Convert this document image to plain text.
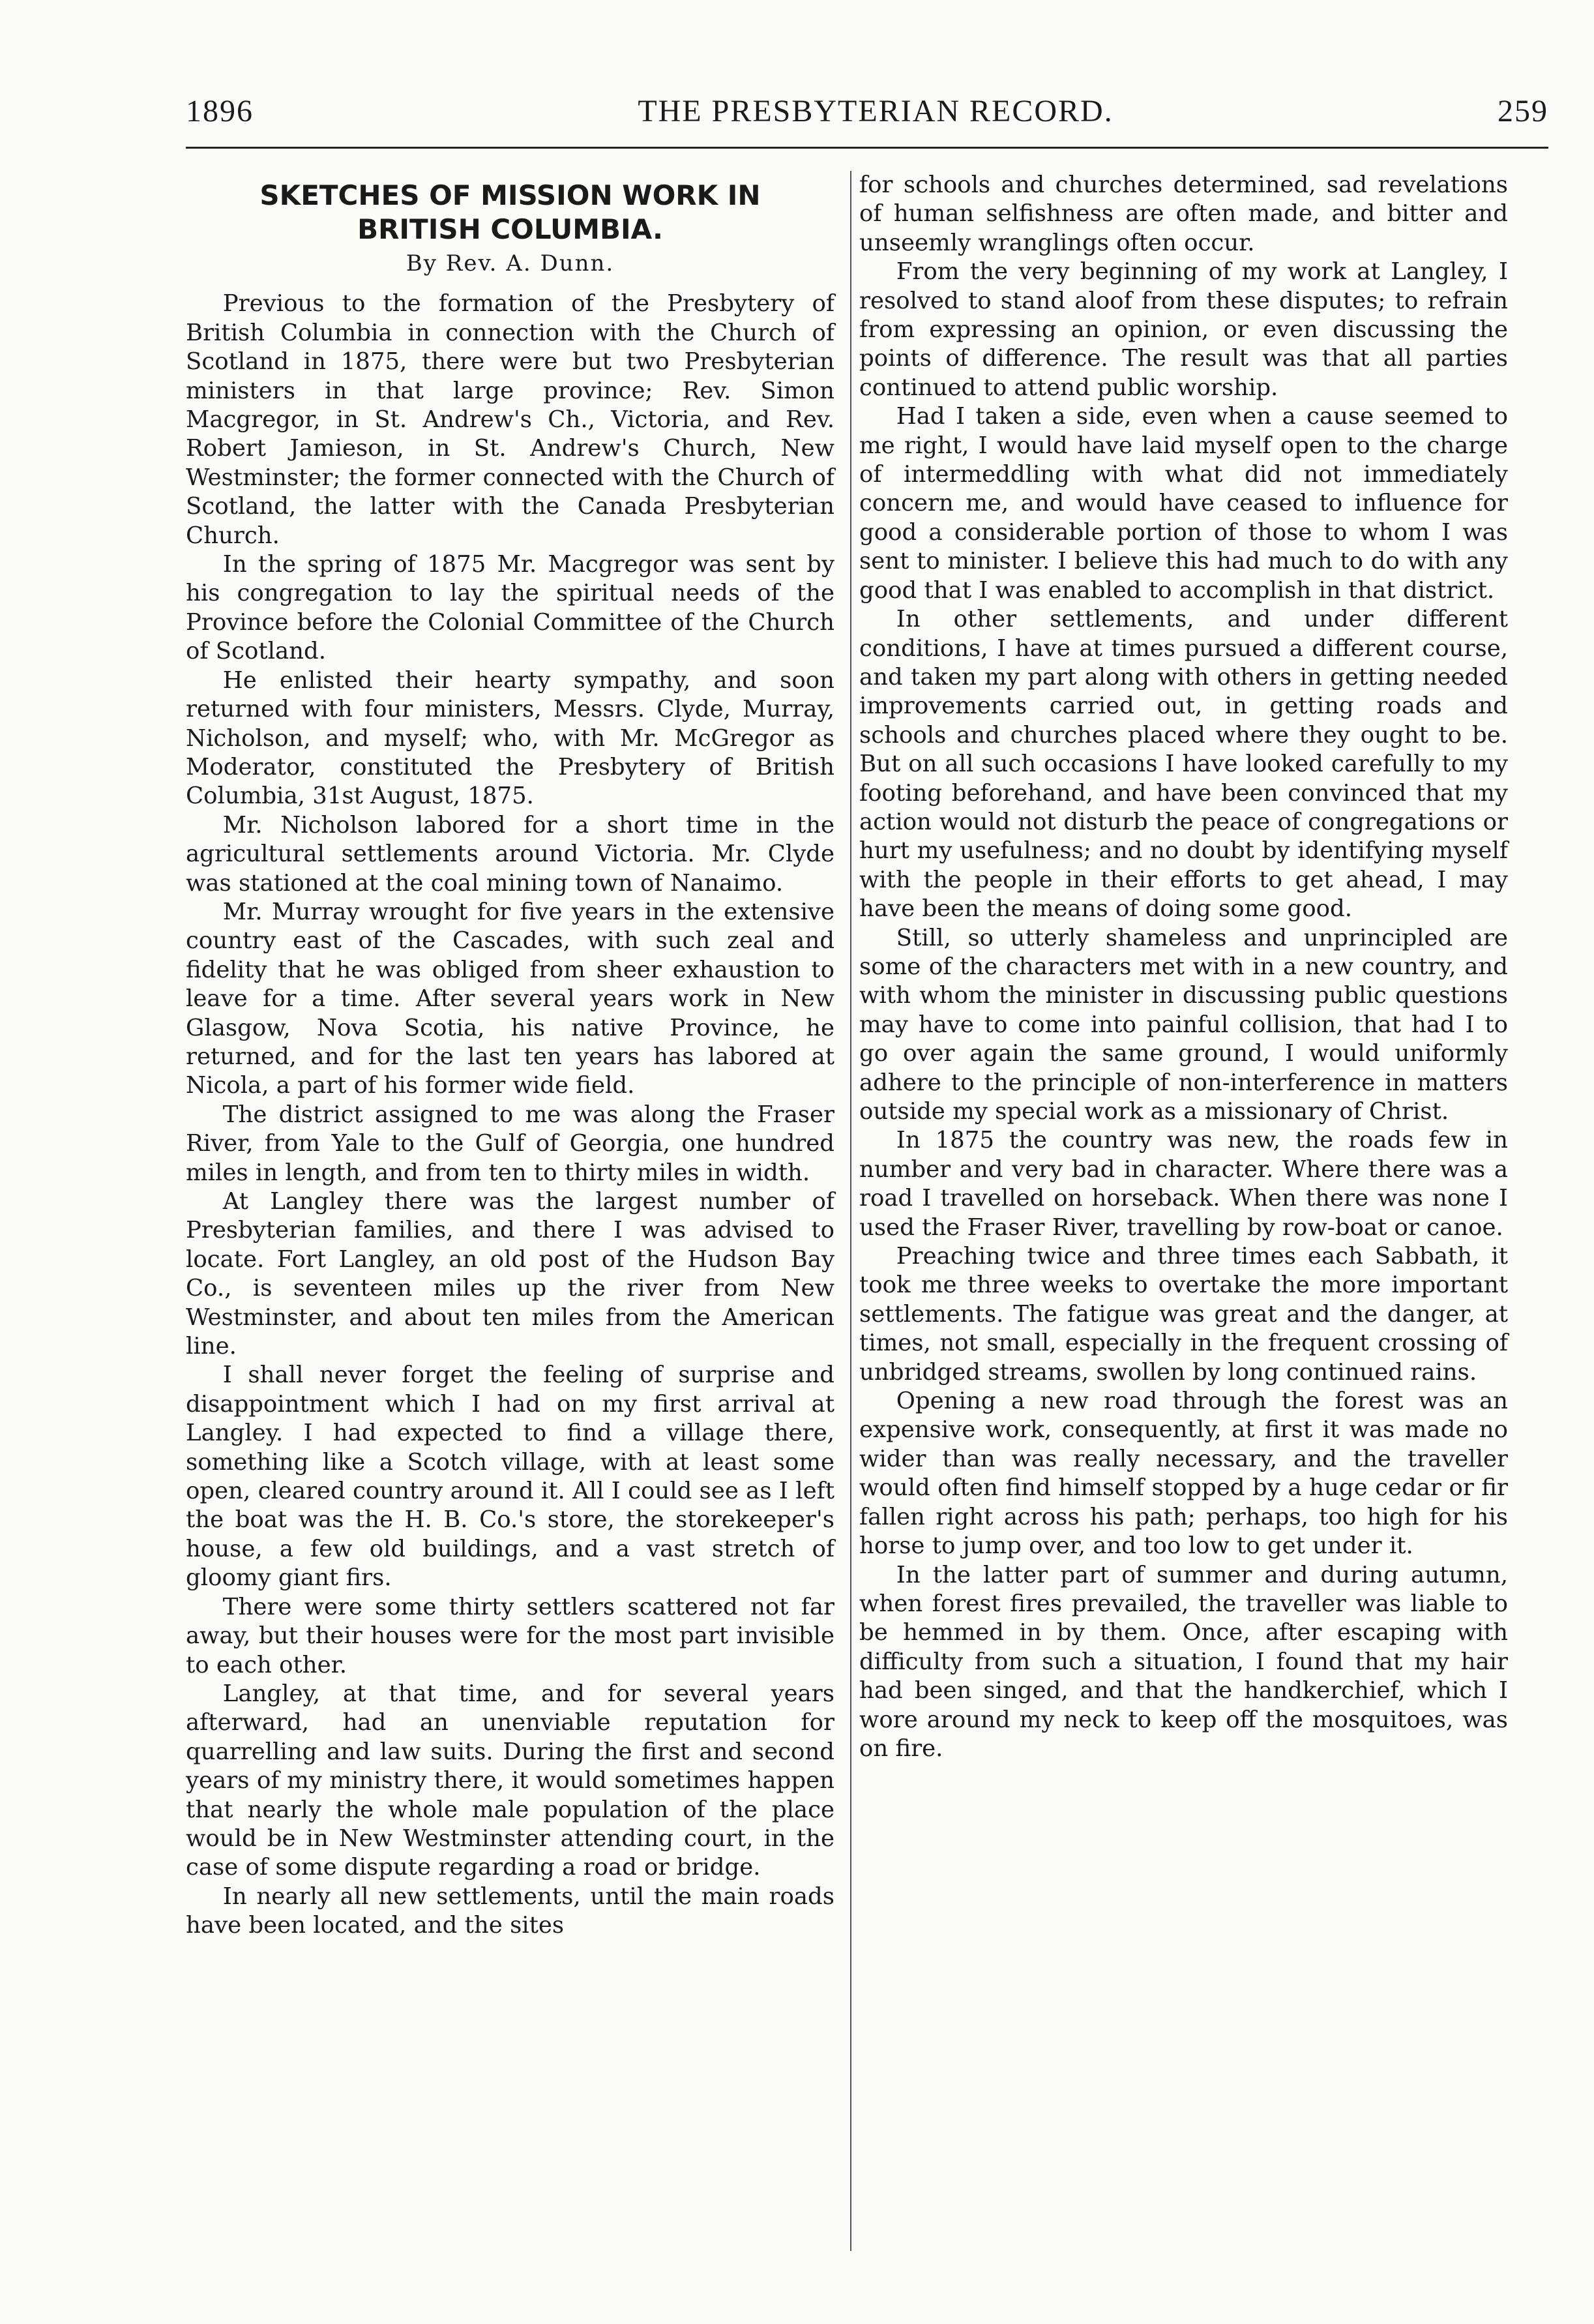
1896	THE PRESBYTERIAN RECORD.	259
SKETCHES OF MISSION WORK IN BRITISH COLUMBIA.
By Rev. A. Dunn.

Previous to the formation of the Presbytery of British Columbia in connection with the Church of Scotland in 1875, there were but two Presbyterian ministers in that large province; Rev. Simon Macgregor, in St. Andrew's Ch., Victoria, and Rev. Robert Jamieson, in St. Andrew's Church, New Westminster; the former connected with the Church of Scotland, the latter with the Canada Presbyterian Church.

In the spring of 1875 Mr. Macgregor was sent by his congregation to lay the spiritual needs of the Province before the Colonial Committee of the Church of Scotland.

He enlisted their hearty sympathy, and soon returned with four ministers, Messrs. Clyde, Murray, Nicholson, and myself; who, with Mr. McGregor as Moderator, constituted the Presbytery of British Columbia, 31st August, 1875.

Mr. Nicholson labored for a short time in the agricultural settlements around Victoria. Mr. Clyde was stationed at the coal mining town of Nanaimo.

Mr. Murray wrought for five years in the extensive country east of the Cascades, with such zeal and fidelity that he was obliged from sheer exhaustion to leave for a time. After several years work in New Glasgow, Nova Scotia, his native Province, he returned, and for the last ten years has labored at Nicola, a part of his former wide field.

The district assigned to me was along the Fraser River, from Yale to the Gulf of Georgia, one hundred miles in length, and from ten to thirty miles in width.

At Langley there was the largest number of Presbyterian families, and there I was advised to locate. Fort Langley, an old post of the Hudson Bay Co., is seventeen miles up the river from New Westminster, and about ten miles from the American line.

I shall never forget the feeling of surprise and disappointment which I had on my first arrival at Langley. I had expected to find a village there, something like a Scotch village, with at least some open, cleared country around it. All I could see as I left the boat was the H. B. Co.'s store, the storekeeper's house, a few old buildings, and a vast stretch of gloomy giant firs.

There were some thirty settlers scattered not far away, but their houses were for the most part invisible to each other.

Langley, at that time, and for several years afterward, had an unenviable reputation for quarrelling and law suits. During the first and second years of my ministry there, it would sometimes happen that nearly the whole male population of the place would be in New Westminster attending court, in the case of some dispute regarding a road or bridge.

In nearly all new settlements, until the main roads have been located, and the sites

for schools and churches determined, sad revelations of human selfishness are often made, and bitter and unseemly wranglings often occur.

From the very beginning of my work at Langley, I resolved to stand aloof from these disputes; to refrain from expressing an opinion, or even discussing the points of difference. The result was that all parties continued to attend public worship.

Had I taken a side, even when a cause seemed to me right, I would have laid myself open to the charge of intermeddling with what did not immediately concern me, and would have ceased to influence for good a considerable portion of those to whom I was sent to minister. I believe this had much to do with any good that I was enabled to accomplish in that district.

In other settlements, and under different conditions, I have at times pursued a different course, and taken my part along with others in getting needed improvements carried out, in getting roads and schools and churches placed where they ought to be. But on all such occasions I have looked carefully to my footing beforehand, and have been convinced that my action would not disturb the peace of congregations or hurt my usefulness; and no doubt by identifying myself with the people in their efforts to get ahead, I may have been the means of doing some good.

Still, so utterly shameless and unprincipled are some of the characters met with in a new country, and with whom the minister in discussing public questions may have to come into painful collision, that had I to go over again the same ground, I would uniformly adhere to the principle of non-interference in matters outside my special work as a missionary of Christ.

In 1875 the country was new, the roads few in number and very bad in character. Where there was a road I travelled on horseback. When there was none I used the Fraser River, travelling by row-boat or canoe.

Preaching twice and three times each Sabbath, it took me three weeks to overtake the more important settlements. The fatigue was great and the danger, at times, not small, especially in the frequent crossing of unbridged streams, swollen by long continued rains.

Opening a new road through the forest was an expensive work, consequently, at first it was made no wider than was really necessary, and the traveller would often find himself stopped by a huge cedar or fir fallen right across his path; perhaps, too high for his horse to jump over, and too low to get under it.

In the latter part of summer and during autumn, when forest fires prevailed, the traveller was liable to be hemmed in by them. Once, after escaping with difficulty from such a situation, I found that my hair had been singed, and that the handkerchief, which I wore around my neck to keep off the mosquitoes, was on fire.
